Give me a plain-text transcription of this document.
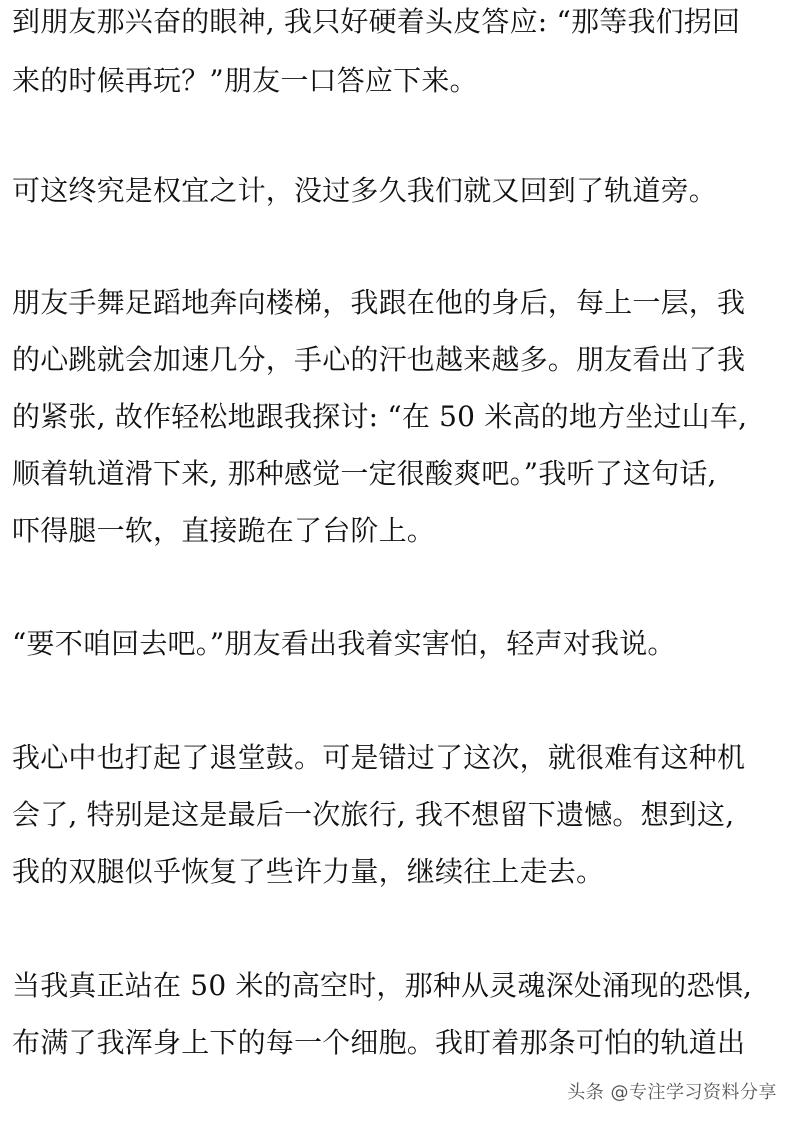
到朋友那兴奋的眼神, 我只好硬着头皮答应: “那等我们拐回
来的时候再玩？”朋友一口答应下来。
可这终究是权宜之计，没过多久我们就又回到了轨道旁。
朋友手舞足蹈地奔向楼梯，我跟在他的身后，每上一层，我
的心跳就会加速几分，手心的汗也越来越多。朋友看出了我
的紧张, 故作轻松地跟我探讨: “在 50 米高的地方坐过山车,
顺着轨道滑下来, 那种感觉一定很酸爽吧。”我听了这句话,
吓得腿一软，直接跪在了台阶上。
“要不咱回去吧。”朋友看出我着实害怕，轻声对我说。
我心中也打起了退堂鼓。可是错过了这次，就很难有这种机
会了, 特别是这是最后一次旅行, 我不想留下遗憾。想到这,
我的双腿似乎恢复了些许力量，继续往上走去。
当我真正站在 50 米的高空时，那种从灵魂深处涌现的恐惧,
布满了我浑身上下的每一个细胞。我盯着那条可怕的轨道出
头条 @专注学习资料分享
